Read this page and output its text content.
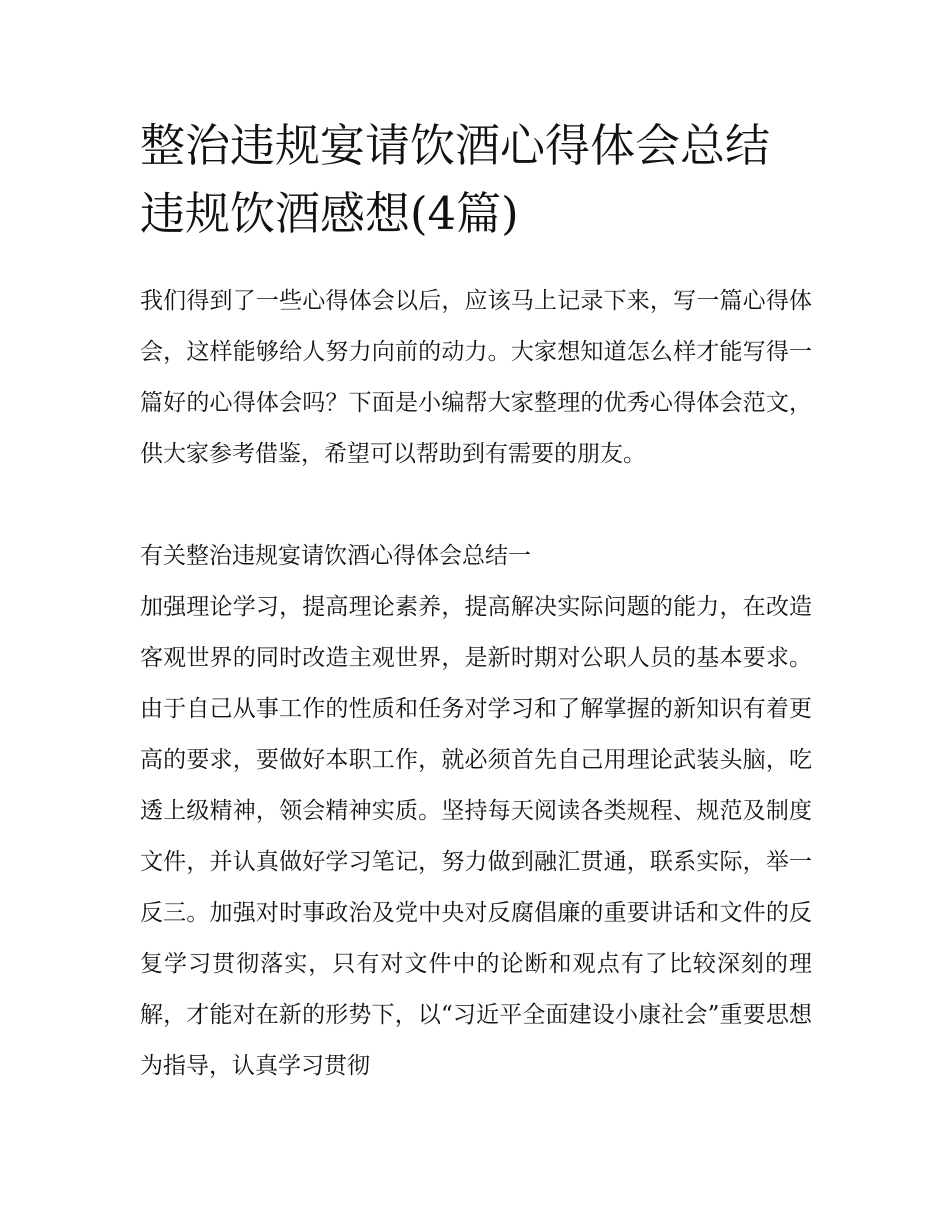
整治违规宴请饮酒心得体会总结 违规饮酒感想(4篇)

我们得到了一些心得体会以后，应该马上记录下来，写一篇心得体会，这样能够给人努力向前的动力。大家想知道怎么样才能写得一篇好的心得体会吗？下面是小编帮大家整理的优秀心得体会范文，供大家参考借鉴，希望可以帮助到有需要的朋友。

有关整治违规宴请饮酒心得体会总结一

加强理论学习，提高理论素养，提高解决实际问题的能力，在改造客观世界的同时改造主观世界，是新时期对公职人员的基本要求。由于自己从事工作的性质和任务对学习和了解掌握的新知识有着更高的要求，要做好本职工作，就必须首先自己用理论武装头脑，吃透上级精神，领会精神实质。坚持每天阅读各类规程、规范及制度文件，并认真做好学习笔记，努力做到融汇贯通，联系实际，举一反三。加强对时事政治及党中央对反腐倡廉的重要讲话和文件的反复学习贯彻落实，只有对文件中的论断和观点有了比较深刻的理解，才能对在新的形势下，以“习近平全面建设小康社会”重要思想为指导，认真学习贯彻
